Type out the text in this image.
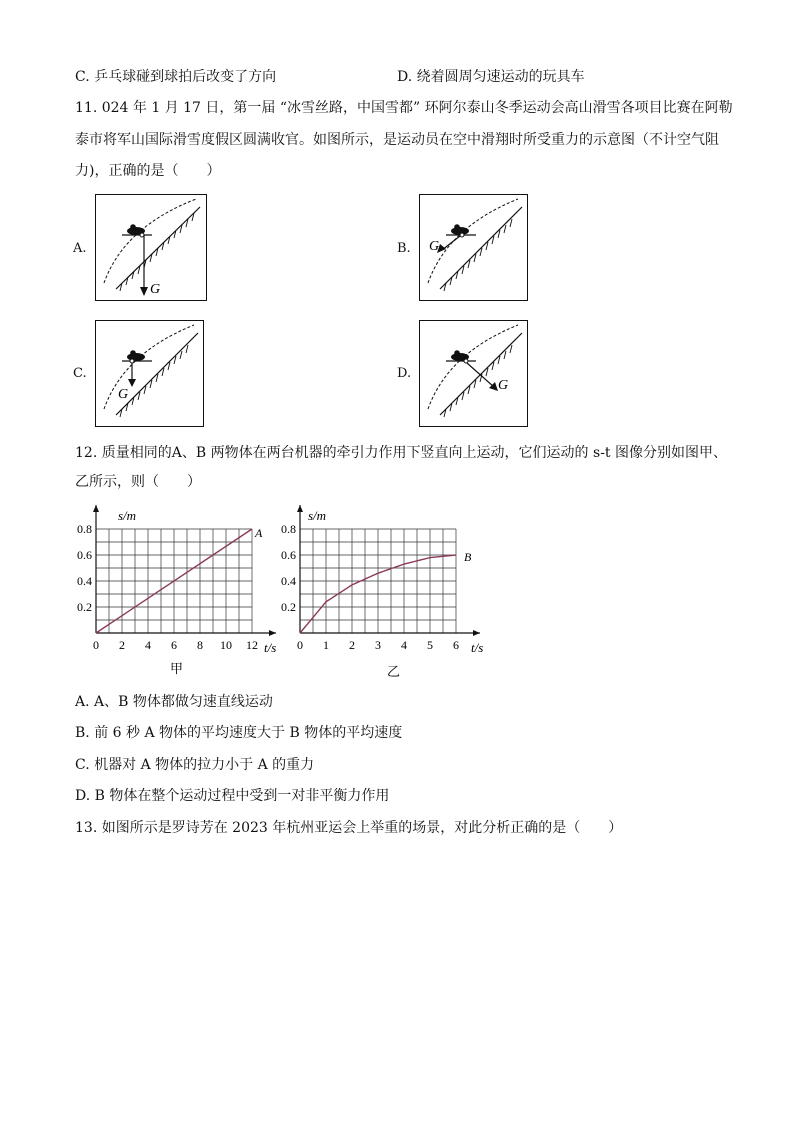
C. 乒乓球碰到球拍后改变了方向	D. 绕着圆周匀速运动的玩具车
11. 024 年 1 月 17 日，第一届 “冰雪丝路，中国雪都” 环阿尔泰山冬季运动会高山滑雪各项目比赛在阿勒
泰市将军山国际滑雪度假区圆满收官。如图所示，是运动员在空中滑翔时所受重力的示意图（不计空气阻
力)，正确的是（　　）
A.	B.
C.	D.
G
G
G
G
12. 质量相同的A、B 两物体在两台机器的牵引力作用下竖直向上运动，它们运动的 s-t 图像分别如图甲、
乙所示，则（　　）
s/m
t/s
A
甲
0.8
0.6
0.4
0.2
0 2 4 6 8 10 12
s/m
t/s
B
乙
0.8
0.6
0.4
0.2
0 1 2 3 4 5 6
A. A、B 物体都做匀速直线运动
B. 前 6 秒 A 物体的平均速度大于 B 物体的平均速度
C. 机器对 A 物体的拉力小于 A 的重力
D. B 物体在整个运动过程中受到一对非平衡力作用
13. 如图所示是罗诗芳在 2023 年杭州亚运会上举重的场景，对此分析正确的是（　　）
